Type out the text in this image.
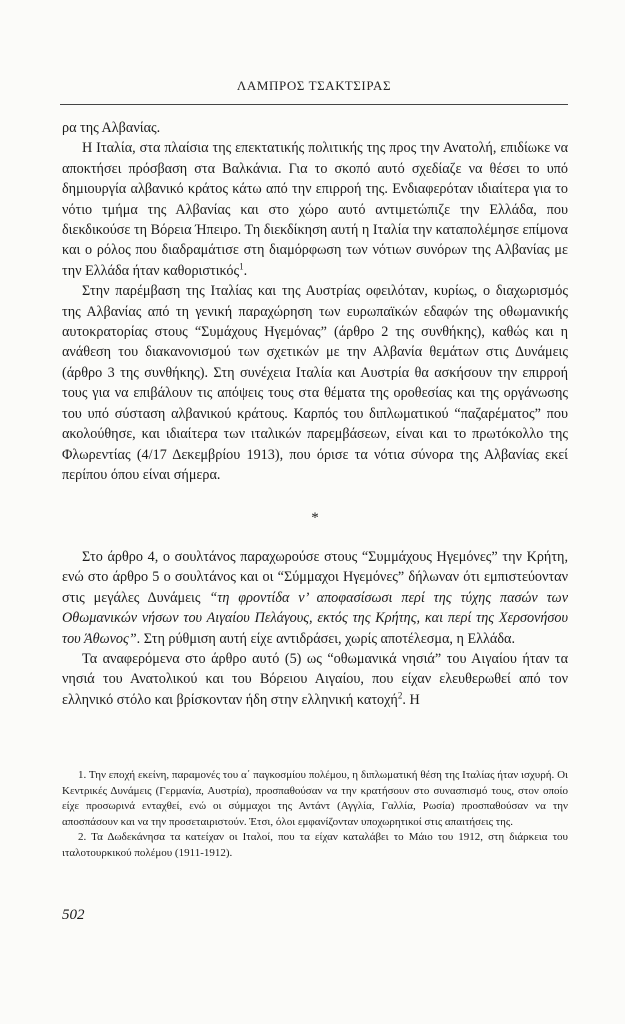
ΛΑΜΠΡΟΣ ΤΣΑΚΤΣΙΡΑΣ

ρα της Αλβανίας.

Η Ιταλία, στα πλαίσια της επεκτατικής πολιτικής της προς την Ανατολή, επιδίωκε να αποκτήσει πρόσβαση στα Βαλκάνια. Για το σκοπό αυτό σχεδίαζε να θέσει το υπό δημιουργία αλβανικό κράτος κάτω από την επιρροή της. Ενδιαφερόταν ιδιαίτερα για το νότιο τμήμα της Αλβανίας και στο χώρο αυτό αντιμετώπιζε την Ελλάδα, που διεκδικούσε τη Βόρεια Ήπειρο. Τη διεκδίκηση αυτή η Ιταλία την καταπολέμησε επίμονα και ο ρόλος που διαδραμάτισε στη διαμόρφωση των νότιων συνόρων της Αλβανίας με την Ελλάδα ήταν καθοριστικός$^1$.

Στην παρέμβαση της Ιταλίας και της Αυστρίας οφειλόταν, κυρίως, ο διαχωρισμός της Αλβανίας από τη γενική παραχώρηση των ευρωπαϊκών εδαφών της οθωμανικής αυτοκρατορίας στους “Συμάχους Ηγεμόνας” (άρθρο 2 της συνθήκης), καθώς και η ανάθεση του διακανονισμού των σχετικών με την Αλβανία θεμάτων στις Δυνάμεις (άρθρο 3 της συνθήκης). Στη συνέχεια Ιταλία και Αυστρία θα ασκήσουν την επιρροή τους για να επιβάλουν τις απόψεις τους στα θέματα της οροθεσίας και της οργάνωσης του υπό σύσταση αλβανικού κράτους. Καρπός του διπλωματικού “παζαρέματος” που ακολούθησε, και ιδιαίτερα των ιταλικών παρεμβάσεων, είναι και το πρωτόκολλο της Φλωρεντίας (4/17 Δεκεμβρίου 1913), που όρισε τα νότια σύνορα της Αλβανίας εκεί περίπου όπου είναι σήμερα.

*

Στο άρθρο 4, ο σουλτάνος παραχωρούσε στους “Συμμάχους Ηγεμόνες” την Κρήτη, ενώ στο άρθρο 5 ο σουλτάνος και οι “Σύμμαχοι Ηγεμόνες” δήλωναν ότι εμπιστεύονταν στις μεγάλες Δυνάμεις “τη φροντίδα ν’ αποφασίσωσι περί της τύχης πασών των Οθωμανικών νήσων του Αιγαίου Πελάγους, εκτός της Κρήτης, και περί της Χερσονήσου του Άθωνος”. Στη ρύθμιση αυτή είχε αντιδράσει, χωρίς αποτέλεσμα, η Ελλάδα.

Τα αναφερόμενα στο άρθρο αυτό (5) ως “οθωμανικά νησιά” του Αιγαίου ήταν τα νησιά του Ανατολικού και του Βόρειου Αιγαίου, που είχαν ελευθερωθεί από τον ελληνικό στόλο και βρίσκονταν ήδη στην ελληνική κατοχή$^2$. Η

1. Την εποχή εκείνη, παραμονές του α΄ παγκοσμίου πολέμου, η διπλωματική θέση της Ιταλίας ήταν ισχυρή. Οι Κεντρικές Δυνάμεις (Γερμανία, Αυστρία), προσπαθούσαν να την κρατήσουν στο συνασπισμό τους, στον οποίο είχε προσωρινά ενταχθεί, ενώ οι σύμμαχοι της Αντάντ (Αγγλία, Γαλλία, Ρωσία) προσπαθούσαν να την αποσπάσουν και να την προσεταιριστούν. Έτσι, όλοι εμφανίζονταν υποχωρητικοί στις απαιτήσεις της.

2. Τα Δωδεκάνησα τα κατείχαν οι Ιταλοί, που τα είχαν καταλάβει το Μάιο του 1912, στη διάρκεια του ιταλοτουρκικού πολέμου (1911-1912).

502
